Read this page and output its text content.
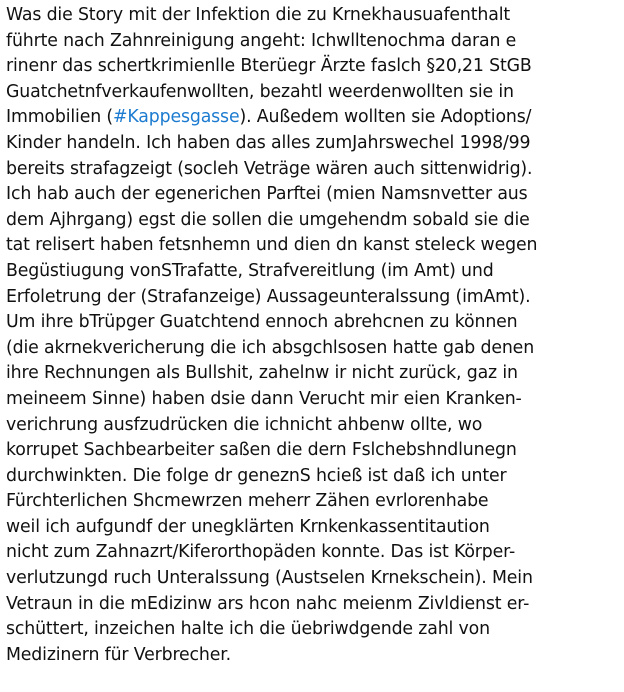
Was die Story mit der Infektion die zu Krnekhausuafenthalt
führte nach Zahnreinigung angeht: Ichwlltenochma daran e
rinenr das schertkrimienlle Bterüegr Ärzte faslch §20,21 StGB
Guatchetnfverkaufenwollten, bezahtl weerdenwollten sie in
Immobilien (#Kappesgasse). Außedem wollten sie Adoptions/
Kinder handeln. Ich haben das alles zumJahrswechel 1998/99
bereits strafagzeigt (socleh Veträge wären auch sittenwidrig).
Ich hab auch der egenerichen Parftei (mien Namsnvetter aus
dem Ajhrgang) egst die sollen die umgehendm sobald sie die
tat relisert haben fetsnhemn und dien dn kanst steleck wegen
Begüstiugung vonSTrafatte, Strafvereitlung (im Amt) und
Erfoletrung der (Strafanzeige) Aussageunteralssung (imAmt).
Um ihre bTrüpger Guatchtend ennoch abrehcnen zu können
(die akrnekvericherung die ich absgchlsosen hatte gab denen
ihre Rechnungen als Bullshit, zahelnw ir nicht zurück, gaz in
meineem Sinne) haben dsie dann Verucht mir eien Kranken-
verichrung ausfzudrücken die ichnicht ahbenw ollte, wo
korrupet Sachbearbeiter saßen die dern Fslchebshndlunegn
durchwinkten. Die folge dr geneznS hcieß ist daß ich unter
Fürchterlichen Shcmewrzen meherr Zähen evrlorenhabe
weil ich aufgundf der unegklärten Krnkenkassentitaution
nicht zum Zahnazrt/Kiferorthopäden konnte. Das ist Körper-
verlutzungd ruch Unteralssung (Austselen Krnekschein). Mein
Vetraun in die mEdizinw ars hcon nahc meienm Zivldienst er-
schüttert, inzeichen halte ich die üebriwdgende zahl von
Medizinern für Verbrecher.
